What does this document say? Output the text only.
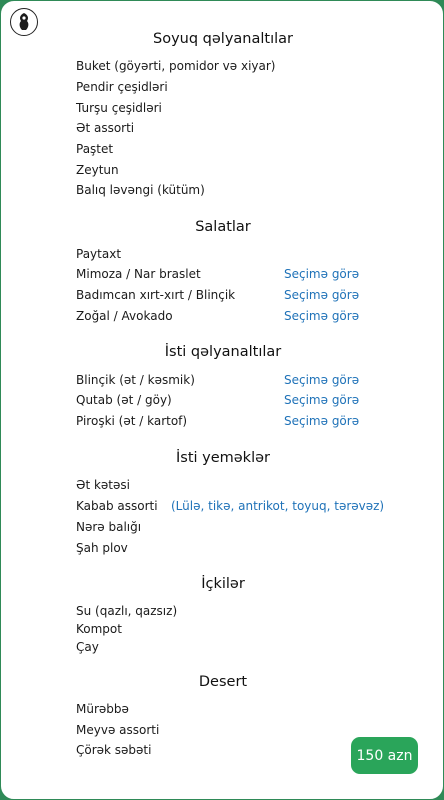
Soyuq qəlyanaltılar
Buket (göyərti, pomidor və xiyar)
Pendir çeşidləri
Turşu çeşidləri
Ət assorti
Paştet
Zeytun
Balıq ləvəngi (kütüm)
Salatlar
Paytaxt
Mimoza / Nar braslet	Seçimə görə
Badımcan xırt-xırt / Blinçik	Seçimə görə
Zoğal / Avokado	Seçimə görə
İsti qəlyanaltılar
Blinçik (ət / kəsmik)	Seçimə görə
Qutab (ət / göy)	Seçimə görə
Piroşki (ət / kartof)	Seçimə görə
İsti yeməklər
Ət kətəsi
Kabab assorti (Lülə, tikə, antrikot, toyuq, tərəvəz)
Nərə balığı
Şah plov
İçkilər
Su (qazlı, qazsız)
Kompot
Çay
Desert
Mürəbbə
Meyvə assorti
Çörək səbəti	150 azn
